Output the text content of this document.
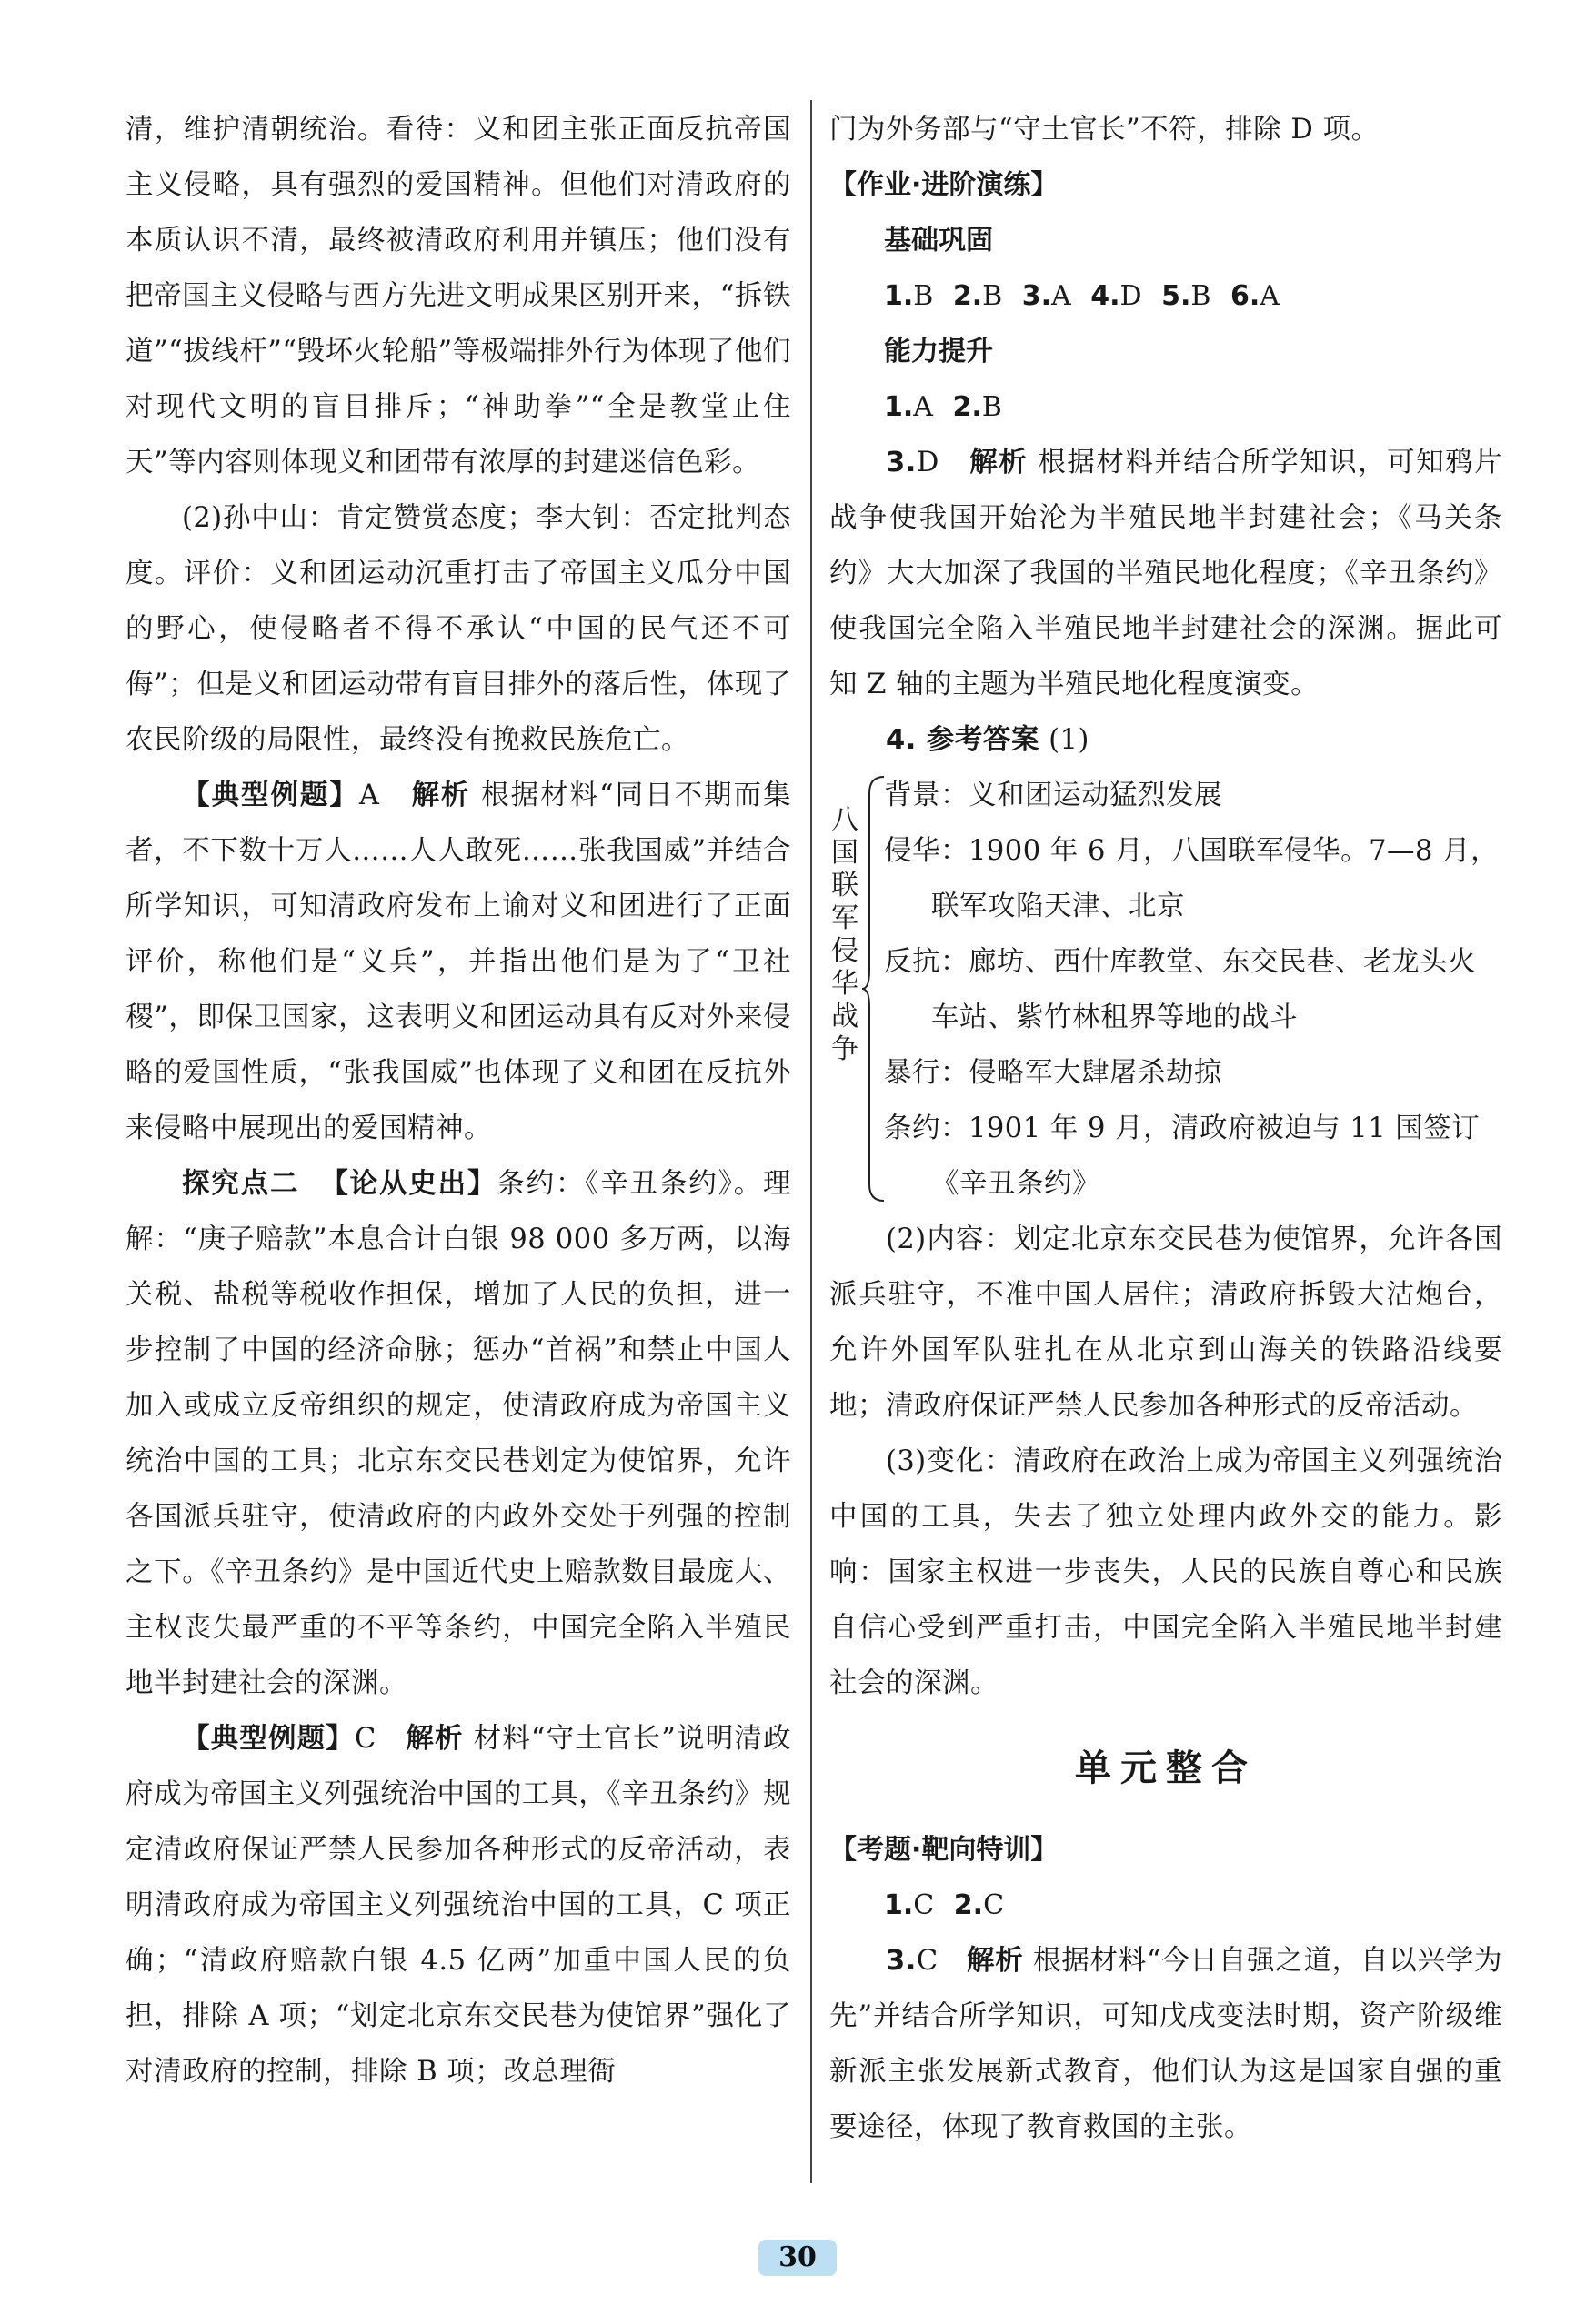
清，维护清朝统治。看待：义和团主张正面反抗帝国主义侵略，具有强烈的爱国精神。但他们对清政府的本质认识不清，最终被清政府利用并镇压；他们没有把帝国主义侵略与西方先进文明成果区别开来，“拆铁道”“拔线杆”“毁坏火轮船”等极端排外行为体现了他们对现代文明的盲目排斥；“神助拳”“全是教堂止住天”等内容则体现义和团带有浓厚的封建迷信色彩。

(2)孙中山：肯定赞赏态度；李大钊：否定批判态度。评价：义和团运动沉重打击了帝国主义瓜分中国的野心，使侵略者不得不承认“中国的民气还不可侮”；但是义和团运动带有盲目排外的落后性，体现了农民阶级的局限性，最终没有挽救民族危亡。

【典型例题】A 解析 根据材料“同日不期而集者，不下数十万人……人人敢死……张我国威”并结合所学知识，可知清政府发布上谕对义和团进行了正面评价，称他们是“义兵”，并指出他们是为了“卫社稷”，即保卫国家，这表明义和团运动具有反对外来侵略的爱国性质，“张我国威”也体现了义和团在反抗外来侵略中展现出的爱国精神。

探究点二 【论从史出】条约：《辛丑条约》。理解：“庚子赔款”本息合计白银 98 000 多万两，以海关税、盐税等税收作担保，增加了人民的负担，进一步控制了中国的经济命脉；惩办“首祸”和禁止中国人加入或成立反帝组织的规定，使清政府成为帝国主义统治中国的工具；北京东交民巷划定为使馆界，允许各国派兵驻守，使清政府的内政外交处于列强的控制之下。《辛丑条约》是中国近代史上赔款数目最庞大、主权丧失最严重的不平等条约，中国完全陷入半殖民地半封建社会的深渊。

【典型例题】C 解析 材料“守土官长”说明清政府成为帝国主义列强统治中国的工具，《辛丑条约》规定清政府保证严禁人民参加各种形式的反帝活动，表明清政府成为帝国主义列强统治中国的工具，C 项正确；“清政府赔款白银 4.5 亿两”加重中国人民的负担，排除 A 项；“划定北京东交民巷为使馆界”强化了对清政府的控制，排除 B 项；改总理衙

门为外务部与“守土官长”不符，排除 D 项。

【作业·进阶演练】

基础巩固

1.B 2.B 3.A 4.D 5.B 6.A

能力提升

1.A 2.B

3.D 解析 根据材料并结合所学知识，可知鸦片战争使我国开始沦为半殖民地半封建社会；《马关条约》大大加深了我国的半殖民地化程度；《辛丑条约》使我国完全陷入半殖民地半封建社会的深渊。据此可知 Z 轴的主题为半殖民地化程度演变。

4. 参考答案 (1)

八国联军侵华战争

背景：义和团运动猛烈发展

侵华：1900 年 6 月，八国联军侵华。7—8 月，

联军攻陷天津、北京

反抗：廊坊、西什库教堂、东交民巷、老龙头火

车站、紫竹林租界等地的战斗

暴行：侵略军大肆屠杀劫掠

条约：1901 年 9 月，清政府被迫与 11 国签订

《辛丑条约》

(2)内容：划定北京东交民巷为使馆界，允许各国派兵驻守，不准中国人居住；清政府拆毁大沽炮台，允许外国军队驻扎在从北京到山海关的铁路沿线要地；清政府保证严禁人民参加各种形式的反帝活动。

(3)变化：清政府在政治上成为帝国主义列强统治中国的工具，失去了独立处理内政外交的能力。影响：国家主权进一步丧失，人民的民族自尊心和民族自信心受到严重打击，中国完全陷入半殖民地半封建社会的深渊。

单元整合

【考题·靶向特训】

1.C 2.C

3.C 解析 根据材料“今日自强之道，自以兴学为先”并结合所学知识，可知戊戌变法时期，资产阶级维新派主张发展新式教育，他们认为这是国家自强的重要途径，体现了教育救国的主张。

30
